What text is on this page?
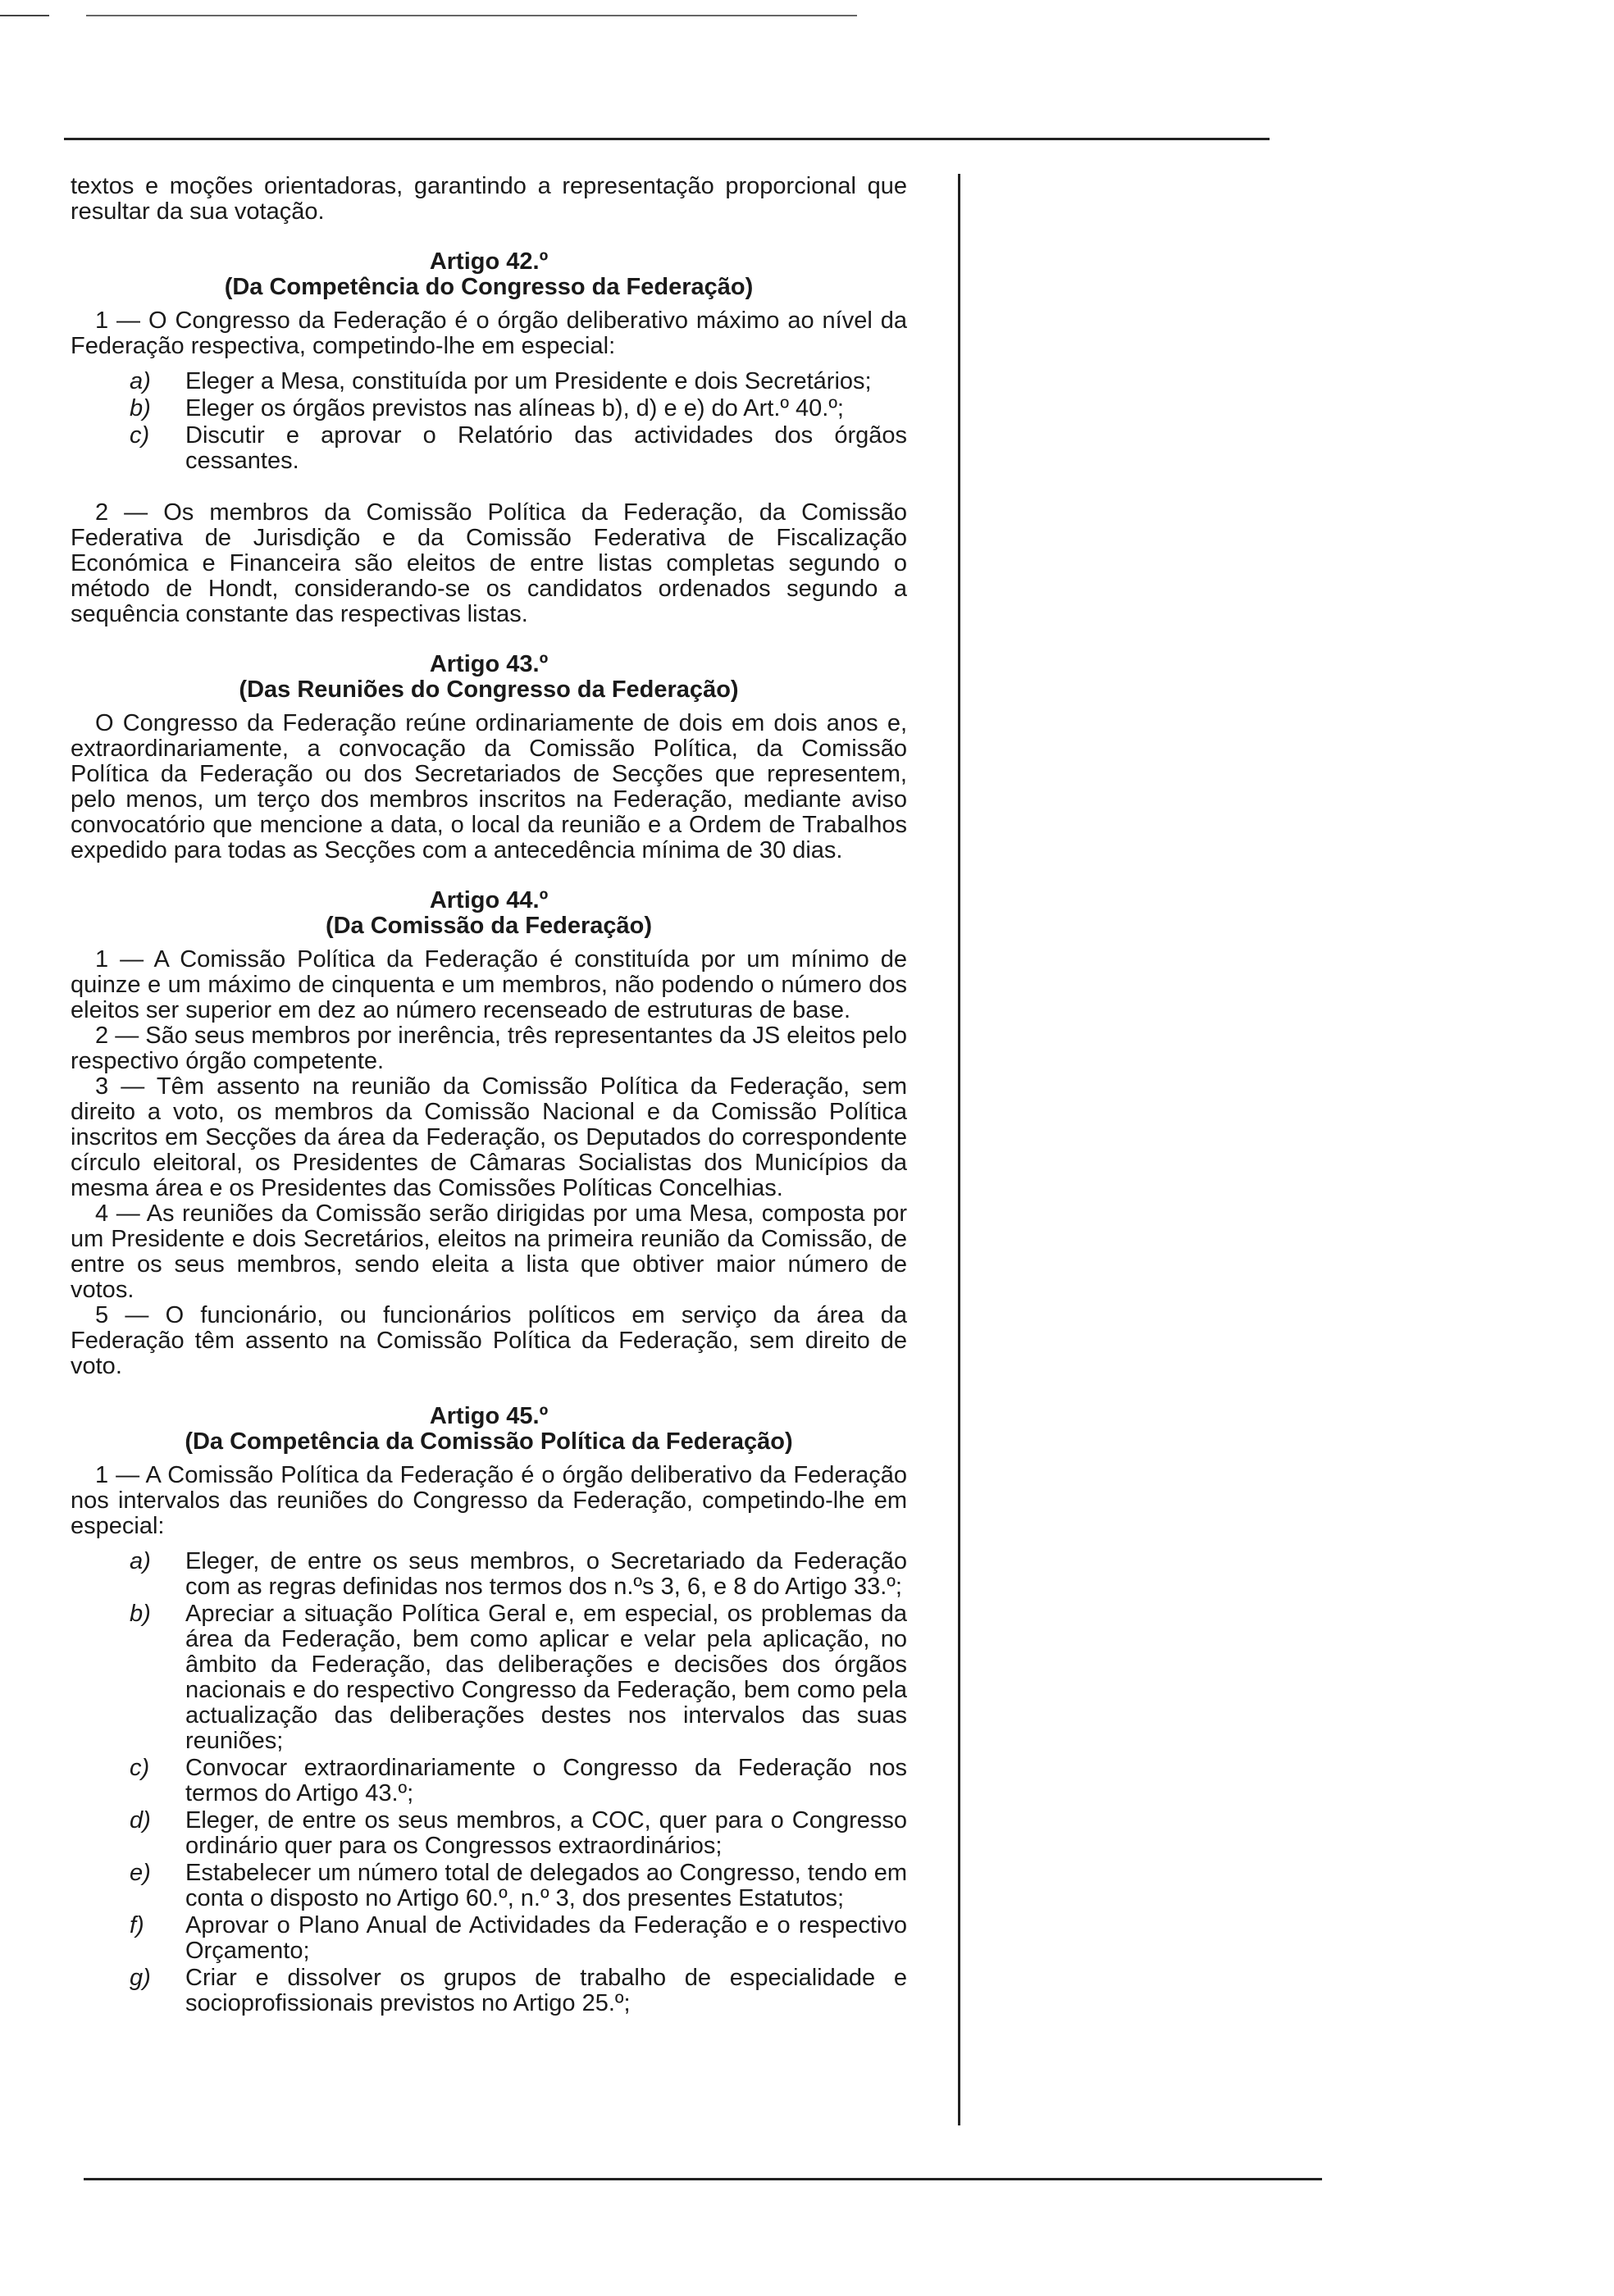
textos e moções orientadoras, garantindo a representação proporcional que resultar da sua votação.

Artigo 42.º
(Da Competência do Congresso da Federação)

1 — O Congresso da Federação é o órgão deliberativo máximo ao nível da Federação respectiva, competindo-lhe em especial:

a) Eleger a Mesa, constituída por um Presidente e dois Secretários;
b) Eleger os órgãos previstos nas alíneas b), d) e e) do Art.º 40.º;
c) Discutir e aprovar o Relatório das actividades dos órgãos cessantes.

2 — Os membros da Comissão Política da Federação, da Comissão Federativa de Jurisdição e da Comissão Federativa de Fiscalização Económica e Financeira são eleitos de entre listas completas segundo o método de Hondt, considerando-se os candidatos ordenados segundo a sequência constante das respectivas listas.

Artigo 43.º
(Das Reuniões do Congresso da Federação)

O Congresso da Federação reúne ordinariamente de dois em dois anos e, extraordinariamente, a convocação da Comissão Política, da Comissão Política da Federação ou dos Secretariados de Secções que representem, pelo menos, um terço dos membros inscritos na Federação, mediante aviso convocatório que mencione a data, o local da reunião e a Ordem de Trabalhos expedido para todas as Secções com a antecedência mínima de 30 dias.

Artigo 44.º
(Da Comissão da Federação)

1 — A Comissão Política da Federação é constituída por um mínimo de quinze e um máximo de cinquenta e um membros, não podendo o número dos eleitos ser superior em dez ao número recenseado de estruturas de base.

2 — São seus membros por inerência, três representantes da JS eleitos pelo respectivo órgão competente.

3 — Têm assento na reunião da Comissão Política da Federação, sem direito a voto, os membros da Comissão Nacional e da Comissão Política inscritos em Secções da área da Federação, os Deputados do correspondente círculo eleitoral, os Presidentes de Câmaras Socialistas dos Municípios da mesma área e os Presidentes das Comissões Políticas Concelhias.

4 — As reuniões da Comissão serão dirigidas por uma Mesa, composta por um Presidente e dois Secretários, eleitos na primeira reunião da Comissão, de entre os seus membros, sendo eleita a lista que obtiver maior número de votos.

5 — O funcionário, ou funcionários políticos em serviço da área da Federação têm assento na Comissão Política da Federação, sem direito de voto.

Artigo 45.º
(Da Competência da Comissão Política da Federação)

1 — A Comissão Política da Federação é o órgão deliberativo da Federação nos intervalos das reuniões do Congresso da Federação, competindo-lhe em especial:

a) Eleger, de entre os seus membros, o Secretariado da Federação com as regras definidas nos termos dos n.ºs 3, 6, e 8 do Artigo 33.º;
b) Apreciar a situação Política Geral e, em especial, os problemas da área da Federação, bem como aplicar e velar pela aplicação, no âmbito da Federação, das deliberações e decisões dos órgãos nacionais e do respectivo Congresso da Federação, bem como pela actualização das deliberações destes nos intervalos das suas reuniões;
c) Convocar extraordinariamente o Congresso da Federação nos termos do Artigo 43.º;
d) Eleger, de entre os seus membros, a COC, quer para o Congresso ordinário quer para os Congressos extraordinários;
e) Estabelecer um número total de delegados ao Congresso, tendo em conta o disposto no Artigo 60.º, n.º 3, dos presentes Estatutos;
f) Aprovar o Plano Anual de Actividades da Federação e o respectivo Orçamento;
g) Criar e dissolver os grupos de trabalho de especialidade e socioprofissionais previstos no Artigo 25.º;
